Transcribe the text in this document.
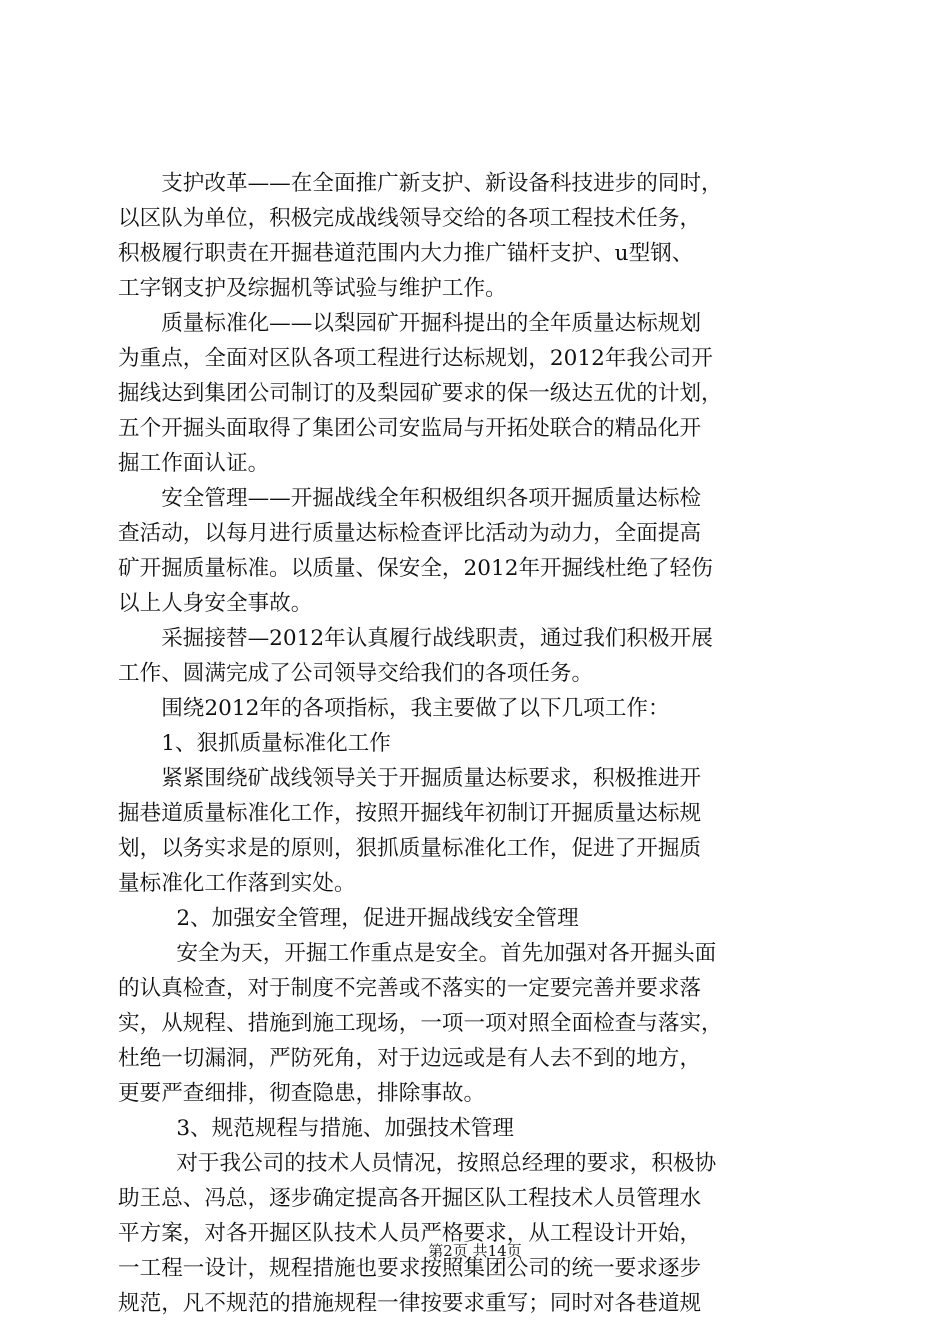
支护改革——在全面推广新支护、新设备科技进步的同时，
以区队为单位，积极完成战线领导交给的各项工程技术任务，
积极履行职责在开掘巷道范围内大力推广锚杆支护、u型钢、
工字钢支护及综掘机等试验与维护工作。
质量标准化——以梨园矿开掘科提出的全年质量达标规划
为重点，全面对区队各项工程进行达标规划，2012年我公司开
掘线达到集团公司制订的及梨园矿要求的保一级达五优的计划，
五个开掘头面取得了集团公司安监局与开拓处联合的精品化开
掘工作面认证。
安全管理——开掘战线全年积极组织各项开掘质量达标检
查活动，以每月进行质量达标检查评比活动为动力，全面提高
矿开掘质量标准。以质量、保安全，2012年开掘线杜绝了轻伤
以上人身安全事故。
采掘接替—2012年认真履行战线职责，通过我们积极开展
工作、圆满完成了公司领导交给我们的各项任务。
围绕2012年的各项指标，我主要做了以下几项工作：
1、狠抓质量标准化工作
紧紧围绕矿战线领导关于开掘质量达标要求，积极推进开
掘巷道质量标准化工作，按照开掘线年初制订开掘质量达标规
划，以务实求是的原则，狠抓质量标准化工作，促进了开掘质
量标准化工作落到实处。
2、加强安全管理，促进开掘战线安全管理
安全为天，开掘工作重点是安全。首先加强对各开掘头面
的认真检查，对于制度不完善或不落实的一定要完善并要求落
实，从规程、措施到施工现场，一项一项对照全面检查与落实，
杜绝一切漏洞，严防死角，对于边远或是有人去不到的地方，
更要严查细排，彻查隐患，排除事故。
3、规范规程与措施、加强技术管理
对于我公司的技术人员情况，按照总经理的要求，积极协
助王总、冯总，逐步确定提高各开掘区队工程技术人员管理水
平方案，对各开掘区队技术人员严格要求，从工程设计开始，
一工程一设计，规程措施也要求按照集团公司的统一要求逐步
规范，凡不规范的措施规程一律按要求重写；同时对各巷道规
第2页 共14页
